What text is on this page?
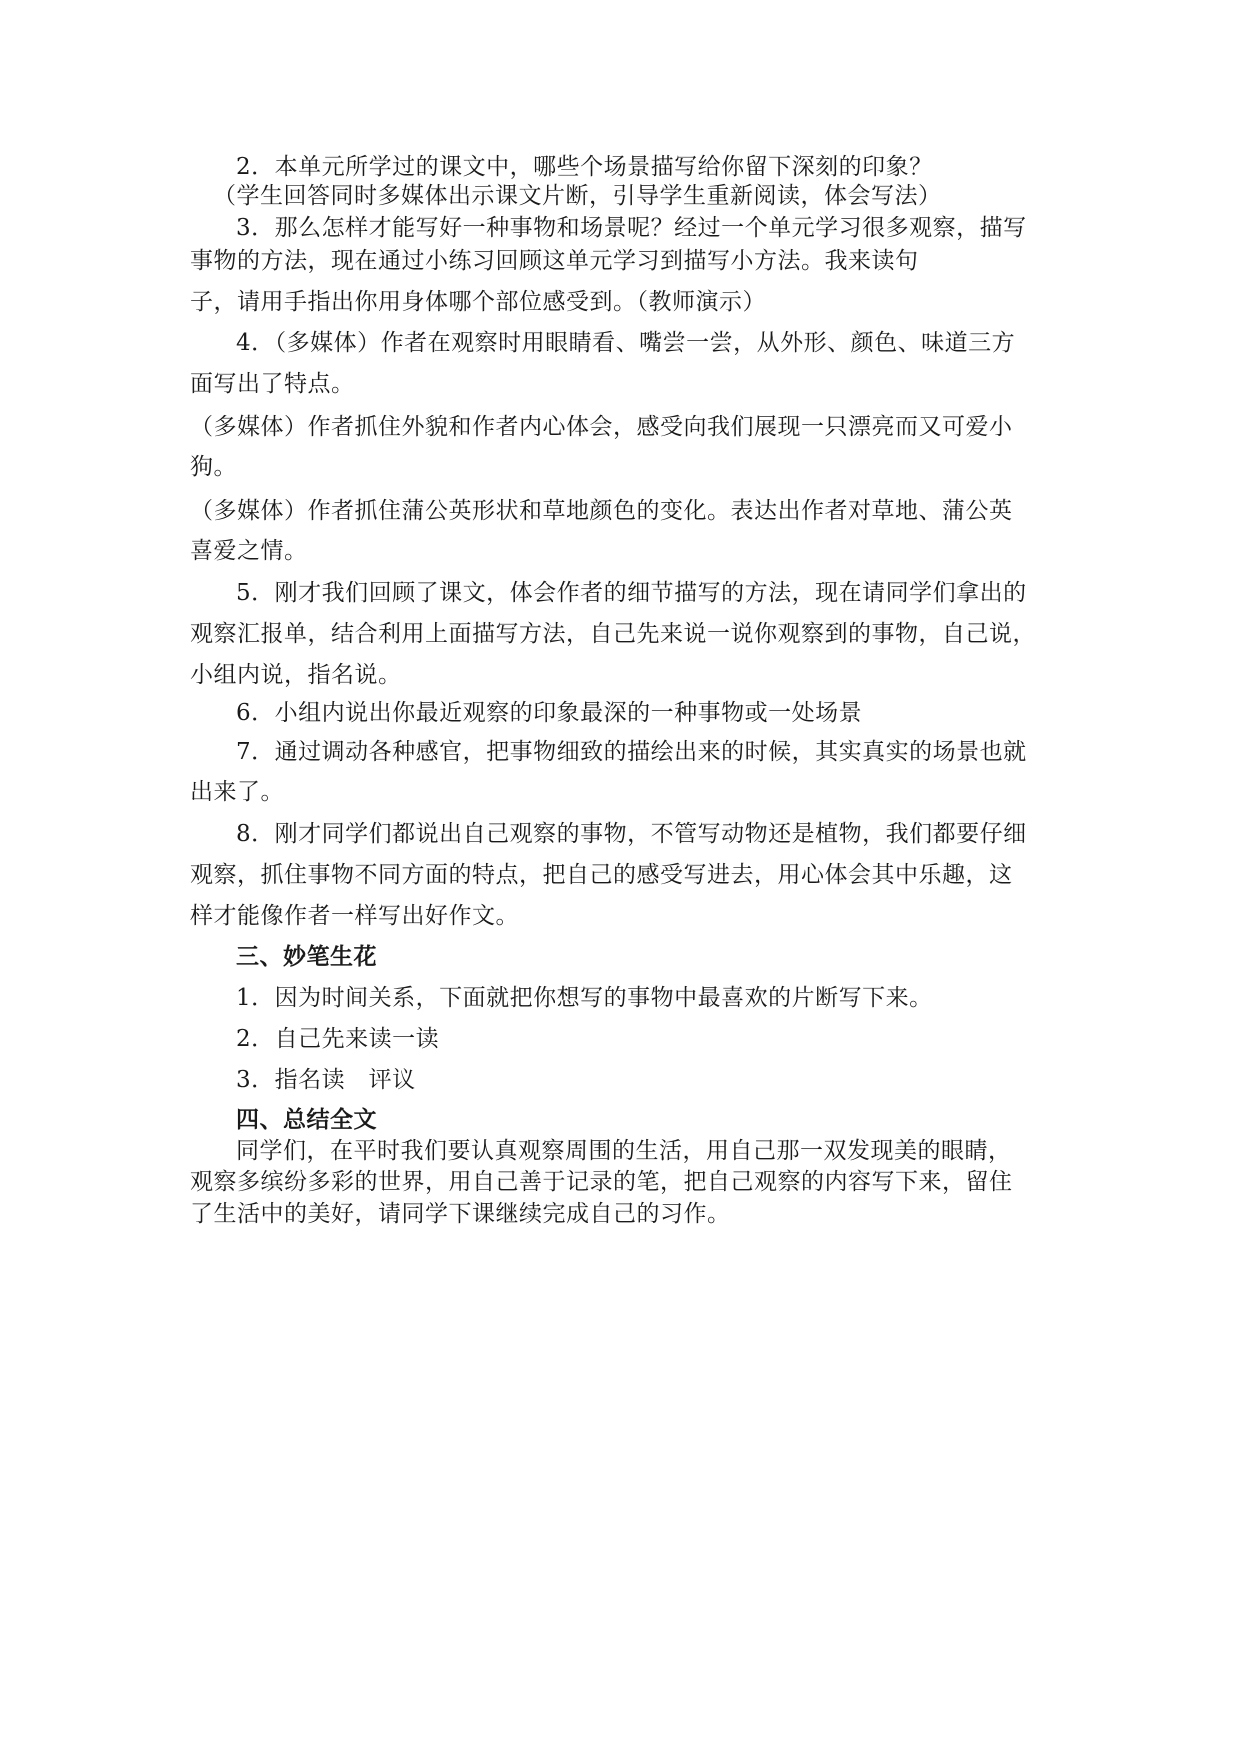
2．本单元所学过的课文中，哪些个场景描写给你留下深刻的印象？
（学生回答同时多媒体出示课文片断，引导学生重新阅读，体会写法）
3．那么怎样才能写好一种事物和场景呢？经过一个单元学习很多观察，描写
事物的方法，现在通过小练习回顾这单元学习到描写小方法。我来读句
子，请用手指出你用身体哪个部位感受到。（教师演示）
4．（多媒体）作者在观察时用眼睛看、嘴尝一尝，从外形、颜色、味道三方
面写出了特点。
（多媒体）作者抓住外貌和作者内心体会，感受向我们展现一只漂亮而又可爱小
狗。
（多媒体）作者抓住蒲公英形状和草地颜色的变化。表达出作者对草地、蒲公英
喜爱之情。
5．刚才我们回顾了课文，体会作者的细节描写的方法，现在请同学们拿出的
观察汇报单，结合利用上面描写方法，自己先来说一说你观察到的事物，自己说，
小组内说，指名说。
6．小组内说出你最近观察的印象最深的一种事物或一处场景
7．通过调动各种感官，把事物细致的描绘出来的时候，其实真实的场景也就
出来了。
8．刚才同学们都说出自己观察的事物，不管写动物还是植物，我们都要仔细
观察，抓住事物不同方面的特点，把自己的感受写进去，用心体会其中乐趣，这
样才能像作者一样写出好作文。
三、妙笔生花
1．因为时间关系，下面就把你想写的事物中最喜欢的片断写下来。
2．自己先来读一读
3．指名读　评议
四、总结全文
同学们，在平时我们要认真观察周围的生活，用自己那一双发现美的眼睛，
观察多缤纷多彩的世界，用自己善于记录的笔，把自己观察的内容写下来，留住
了生活中的美好，请同学下课继续完成自己的习作。
